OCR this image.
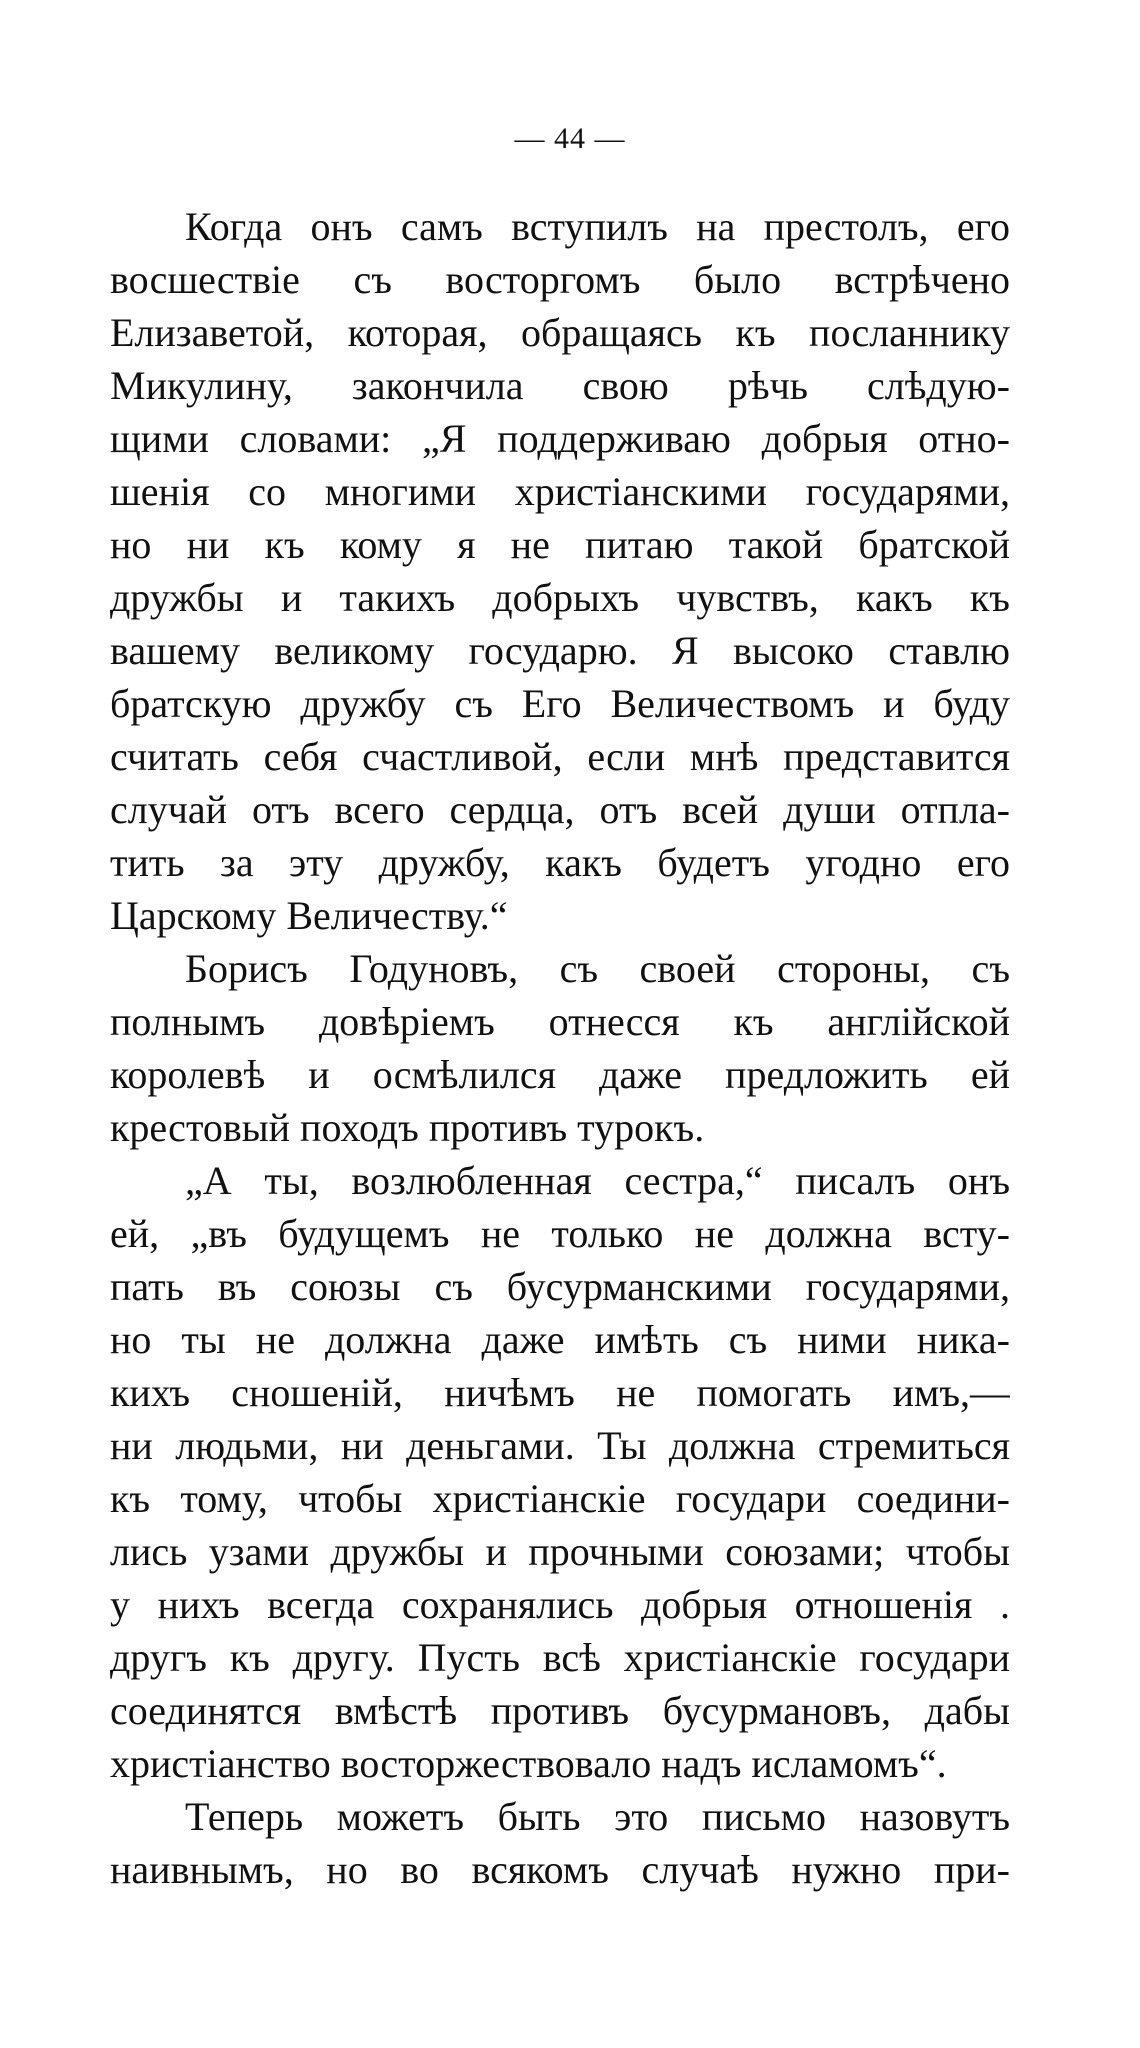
— 44 —
Когда онъ самъ вступилъ на престолъ, его
восшествіе съ восторгомъ было встрѣчено
Елизаветой, которая, обращаясь къ посланнику
Микулину, закончила свою рѣчь слѣдую-
щими словами: „Я поддерживаю добрыя отно-
шенія со многими христіанскими государями,
но ни къ кому я не питаю такой братской
дружбы и такихъ добрыхъ чувствъ, какъ къ
вашему великому государю. Я высоко ставлю
братскую дружбу съ Его Величествомъ и буду
считать себя счастливой, если мнѣ представится
случай отъ всего сердца, отъ всей души отпла-
тить за эту дружбу, какъ будетъ угодно его
Царскому Величеству.“
Борисъ Годуновъ, съ своей стороны, съ
полнымъ довѣріемъ отнесся къ англійской
королевѣ и осмѣлился даже предложить ей
крестовый походъ противъ турокъ.
„А ты, возлюбленная сестра,“ писалъ онъ
ей, „въ будущемъ не только не должна всту-
пать въ союзы съ бусурманскими государями,
но ты не должна даже имѣть съ ними никa-
кихъ сношеній, ничѣмъ не помогать имъ,—
ни людьми, ни деньгами. Ты должна стремиться
къ тому, чтобы христіанскіе государи соедини-
лись узами дружбы и прочными союзами; чтобы
у нихъ всегда сохранялись добрыя отношенія .
другъ къ другу. Пусть всѣ христіанскіе государи
соединятся вмѣстѣ противъ бусурмановъ, дабы
христіанство восторжествовало надъ исламомъ“.
Теперь можетъ быть это письмо назовутъ
наивнымъ, но во всякомъ случаѣ нужно при-
